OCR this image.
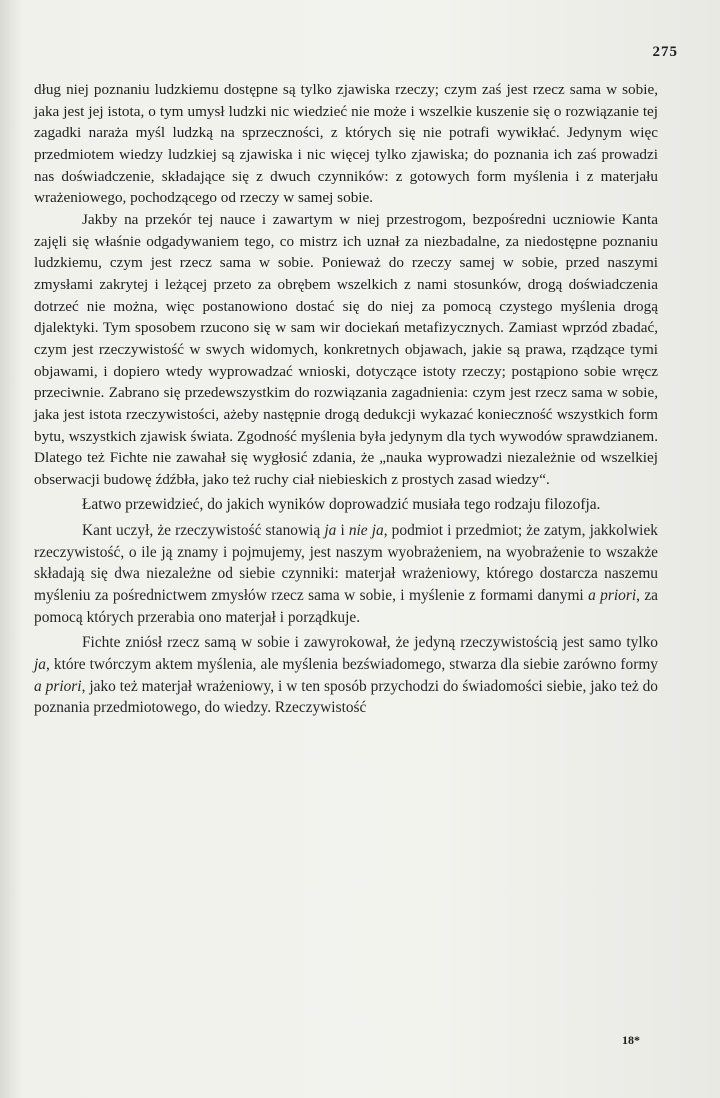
275

dług niej poznaniu ludzkiemu dostępne są tylko zjawiska rzeczy; czym zaś jest rzecz sama w sobie, jaka jest jej istota, o tym umysł ludzki nic wiedzieć nie może i wszelkie kuszenie się o rozwiązanie tej zagadki naraża myśl ludzką na sprzeczności, z których się nie potrafi wywikłać. Jedynym więc przedmiotem wiedzy ludzkiej są zjawiska i nic więcej tylko zjawiska; do poznania ich zaś prowadzi nas doświadczenie, składające się z dwuch czynników: z gotowych form myślenia i z materjału wrażeniowego, pochodzącego od rzeczy w samej sobie.

Jakby na przekór tej nauce i zawartym w niej przestrogom, bezpośredni uczniowie Kanta zajęli się właśnie odgadywaniem tego, co mistrz ich uznał za niezbadalne, za niedostępne poznaniu ludzkiemu, czym jest rzecz sama w sobie. Ponieważ do rzeczy samej w sobie, przed naszymi zmysłami zakrytej i leżącej przeto za obrębem wszelkich z nami stosunków, drogą doświadczenia dotrzeć nie można, więc postanowiono dostać się do niej za pomocą czystego myślenia drogą djalektyki. Tym sposobem rzucono się w sam wir dociekań metafizycznych. Zamiast wprzód zbadać, czym jest rzeczywistość w swych widomych, konkretnych objawach, jakie są prawa, rządzące tymi objawami, i dopiero wtedy wyprowadzać wnioski, dotyczące istoty rzeczy; postąpiono sobie wręcz przeciwnie. Zabrano się przedewszystkim do rozwiązania zagadnienia: czym jest rzecz sama w sobie, jaka jest istota rzeczywistości, ażeby następnie drogą dedukcji wykazać konieczność wszystkich form bytu, wszystkich zjawisk świata. Zgodność myślenia była jedynym dla tych wywodów sprawdzianem. Dlatego też Fichte nie zawahał się wygłosić zdania, że „nauka wyprowadzi niezależnie od wszelkiej obserwacji budowę źdźbła, jako też ruchy ciał niebieskich z prostych zasad wiedzy“.

Łatwo przewidzieć, do jakich wyników doprowadzić musiała tego rodzaju filozofja.

Kant uczył, że rzeczywistość stanowią ja i nie ja, podmiot i przedmiot; że zatym, jakkolwiek rzeczywistość, o ile ją znamy i pojmujemy, jest naszym wyobrażeniem, na wyobrażenie to wszakże składają się dwa niezależne od siebie czynniki: materjał wrażeniowy, którego dostarcza naszemu myśleniu za pośrednictwem zmysłów rzecz sama w sobie, i myślenie z formami danymi a priori, za pomocą których przerabia ono materjał i porządkuje.

Fichte zniósł rzecz samą w sobie i zawyrokował, że jedyną rzeczywistością jest samo tylko ja, które twórczym aktem myślenia, ale myślenia bezświadomego, stwarza dla siebie zarówno formy a priori, jako też materjał wrażeniowy, i w ten sposób przychodzi do świadomości siebie, jako też do poznania przedmiotowego, do wiedzy. Rzeczywistość

18*
